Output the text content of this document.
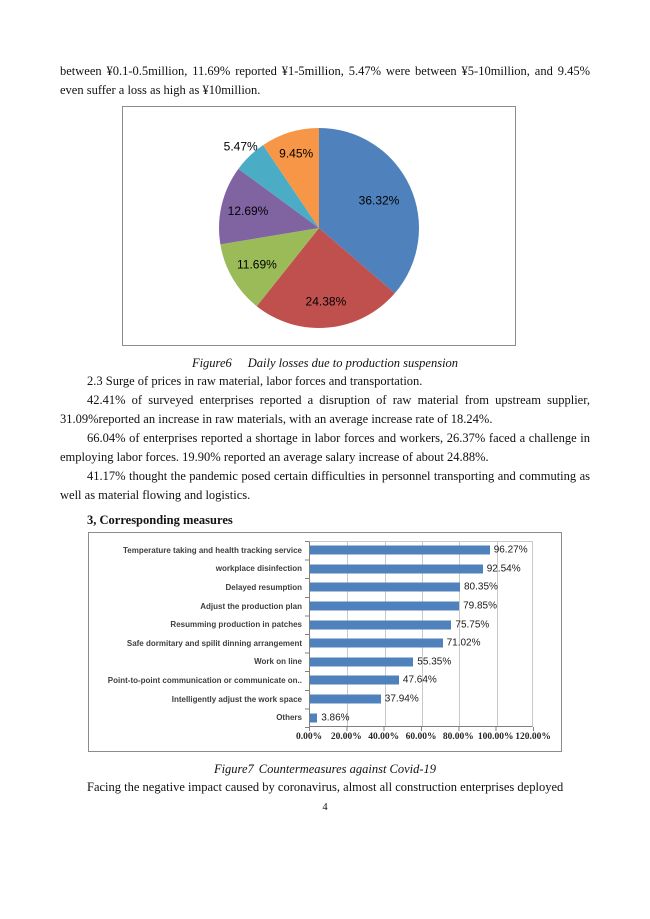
between ¥0.1-0.5million, 11.69% reported ¥1-5million, 5.47% were between ¥5-10million, and 9.45% even suffer a loss as high as ¥10million.

36.32%
24.38%
11.69%
12.69%
5.47% 9.45%

Figure6 Daily losses due to production suspension

2.3 Surge of prices in raw material, labor forces and transportation.

42.41% of surveyed enterprises reported a disruption of raw material from upstream supplier, 31.09%reported an increase in raw materials, with an average increase rate of 18.24%.

66.04% of enterprises reported a shortage in labor forces and workers, 26.37% faced a challenge in employing labor forces. 19.90% reported an average salary increase of about 24.88%.

41.17% thought the pandemic posed certain difficulties in personnel transporting and commuting as well as material flowing and logistics.

3, Corresponding measures
Temperature taking and health tracking service	96.27%
workplace disinfection	92.54%
Delayed resumption	80.35%
Adjust the production plan	79.85%
Resumming production in patches	75.75%
Safe dormitary and spilit dinning arrangement	71.02%
Work on line	55.35%
Point-to-point communication or communicate on..	47.64%
Intelligently adjust the work space	37.94%
Others 3.86%
0.00% 20.00% 40.00% 60.00% 80.00% 100.00% 120.00%

Figure7 Countermeasures against Covid-19

Facing the negative impact caused by coronavirus, almost all construction enterprises deployed

4
